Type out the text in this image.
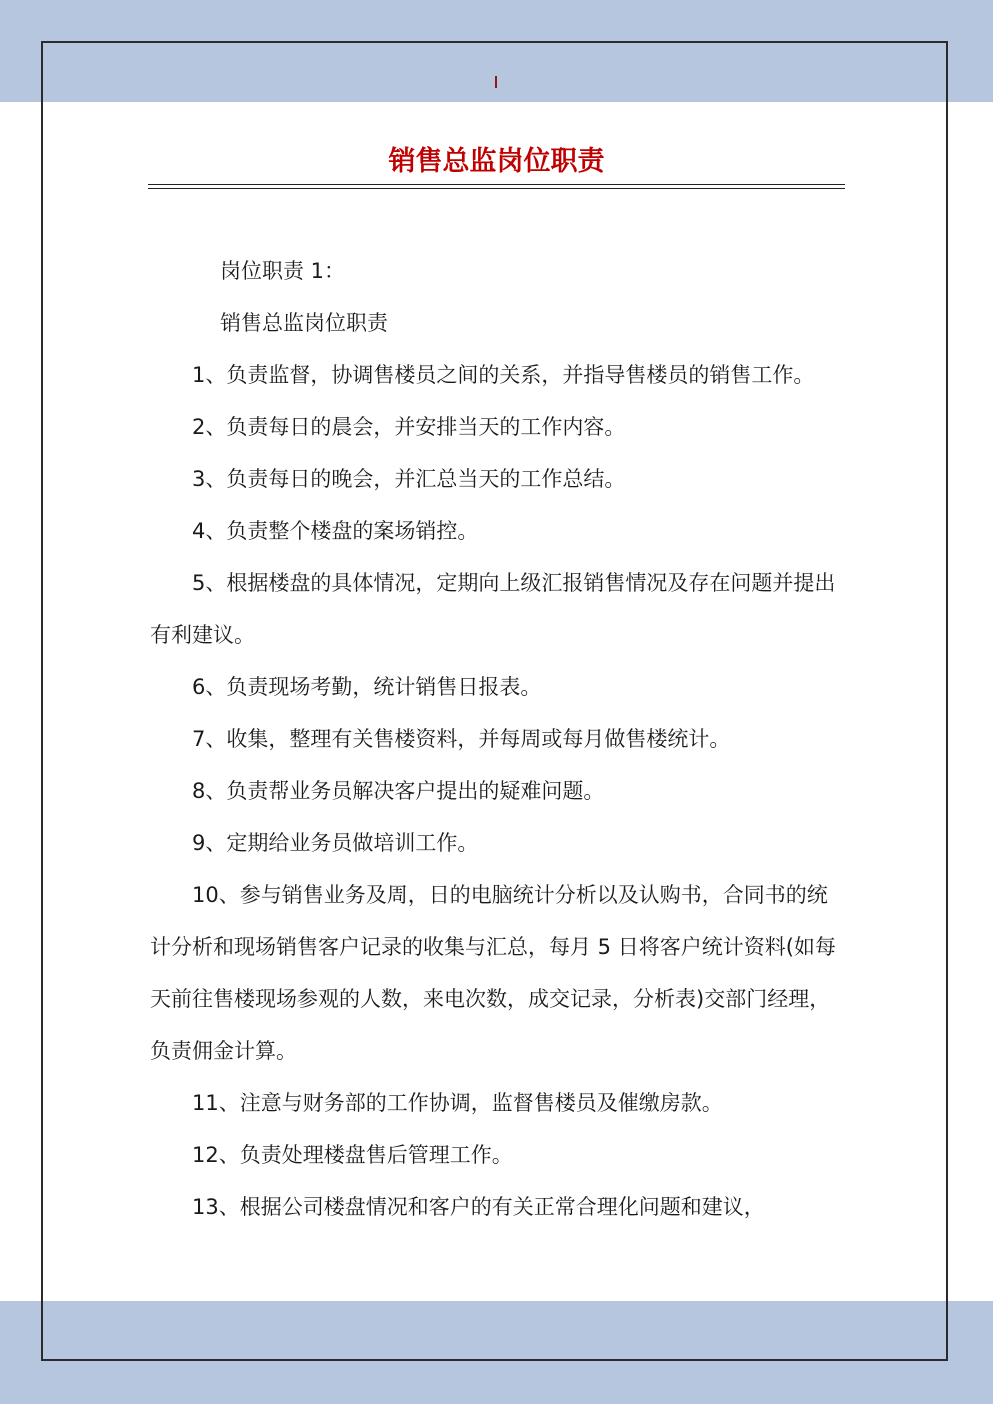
销售总监岗位职责

岗位职责 1：

销售总监岗位职责

1、负责监督，协调售楼员之间的关系，并指导售楼员的销售工作。

2、负责每日的晨会，并安排当天的工作内容。

3、负责每日的晚会，并汇总当天的工作总结。

4、负责整个楼盘的案场销控。

5、根据楼盘的具体情况，定期向上级汇报销售情况及存在问题并提出有利建议。

6、负责现场考勤，统计销售日报表。

7、收集，整理有关售楼资料，并每周或每月做售楼统计。

8、负责帮业务员解决客户提出的疑难问题。

9、定期给业务员做培训工作。

10、参与销售业务及周，日的电脑统计分析以及认购书，合同书的统计分析和现场销售客户记录的收集与汇总，每月 5 日将客户统计资料(如每天前往售楼现场参观的人数，来电次数，成交记录，分析表)交部门经理，负责佣金计算。

11、注意与财务部的工作协调，监督售楼员及催缴房款。

12、负责处理楼盘售后管理工作。

13、根据公司楼盘情况和客户的有关正常合理化问题和建议，
